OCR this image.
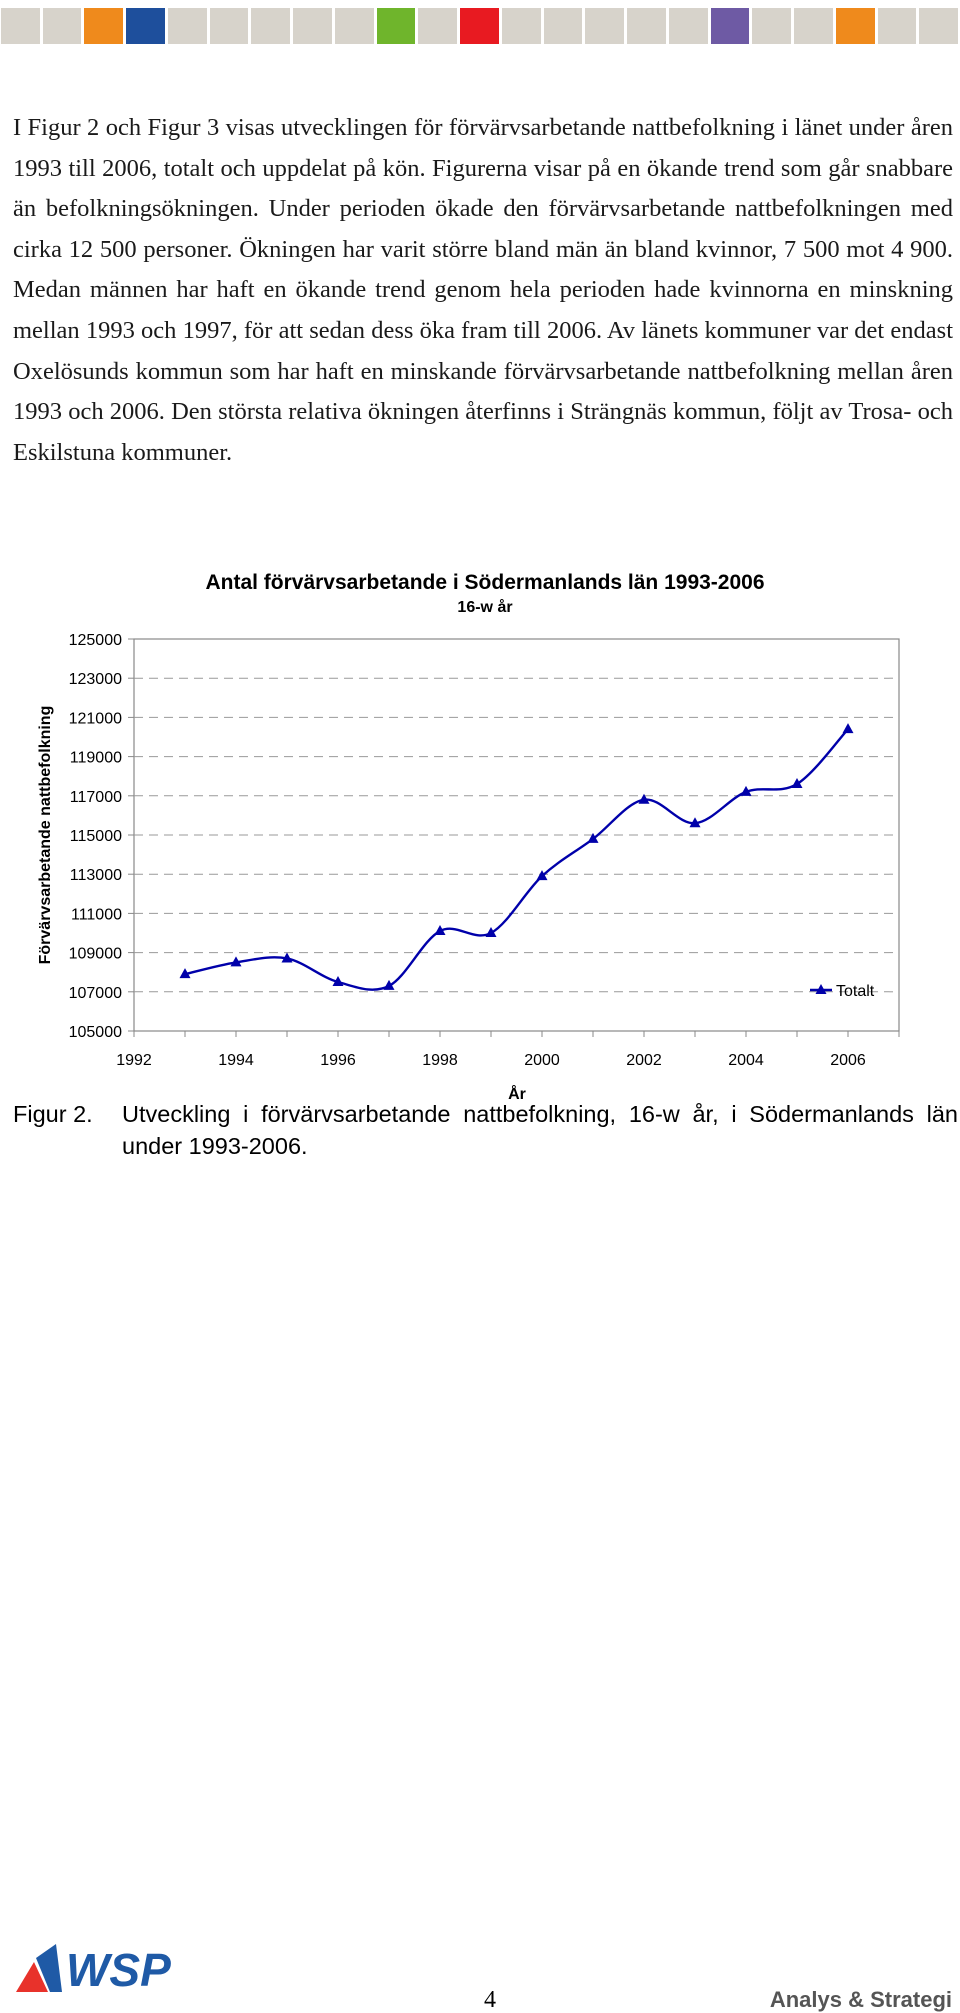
I Figur 2 och Figur 3 visas utvecklingen för förvärvsarbetande nattbefolkning i länet under åren 1993 till 2006, totalt och uppdelat på kön. Figurerna visar på en ökande trend som går snabbare än befolkningsökningen. Under perioden ökade den förvärvsarbetande nattbefolkningen med cirka 12 500 personer. Ökningen har varit större bland män än bland kvinnor, 7 500 mot 4 900. Medan männen har haft en ökande trend genom hela perioden hade kvinnorna en minskning mellan 1993 och 1997, för att sedan dess öka fram till 2006. Av länets kommuner var det endast Oxelösunds kommun som har haft en minskande förvärvsarbetande nattbefolkning mellan åren 1993 och 2006. Den största relativa ökningen återfinns i Strängnäs kommun, följt av Trosa- och Eskilstuna kommuner.

Antal förvärvsarbetande i Södermanlands län 1993-2006
16-w år
105000
107000
109000
111000
113000
115000
117000
119000
121000
123000
125000
1992	1994	1996	1998	2000	2002	2004	2006
Förvärvsarbetande nattbefolkning
År
Totalt
Figur 2. Utveckling i förvärvsarbetande nattbefolkning, 16-w år, i Södermanlands län under 1993-2006.
WSP
4	Analys & Strategi
